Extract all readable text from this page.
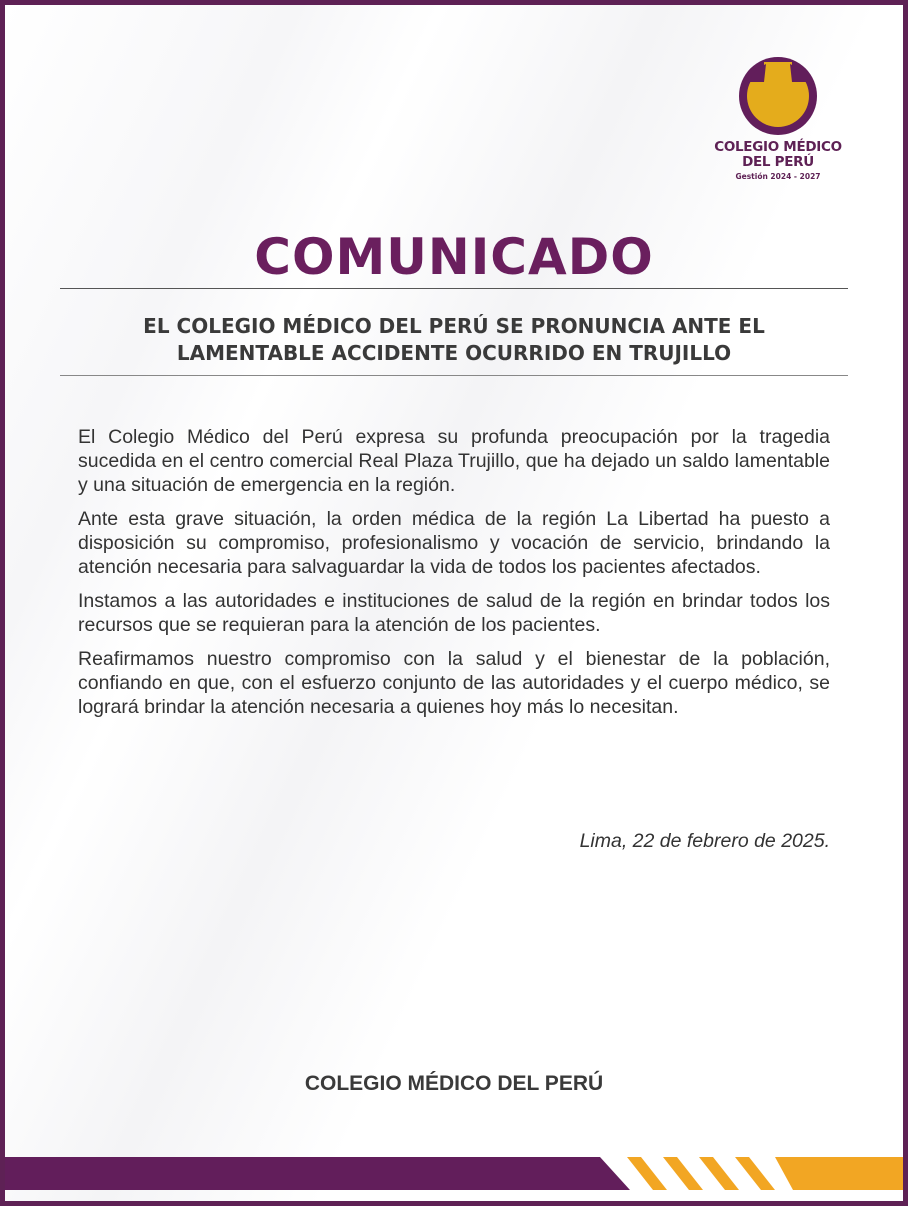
COLEGIO MÉDICO
DEL PERÚ
Gestión 2024 - 2027
COMUNICADO
EL COLEGIO MÉDICO DEL PERÚ SE PRONUNCIA ANTE EL
LAMENTABLE ACCIDENTE OCURRIDO EN TRUJILLO

El Colegio Médico del Perú expresa su profunda preocupación por la tragedia sucedida en el centro comercial Real Plaza Trujillo, que ha dejado un saldo lamentable y una situación de emergencia en la región.

Ante esta grave situación, la orden médica de la región La Libertad ha puesto a disposición su compromiso, profesionalismo y vocación de servicio, brindando la atención necesaria para salvaguardar la vida de todos los pacientes afectados.

Instamos a las autoridades e instituciones de salud de la región en brindar todos los recursos que se requieran para la atención de los pacientes.

Reafirmamos nuestro compromiso con la salud y el bienestar de la población, confiando en que, con el esfuerzo conjunto de las autoridades y el cuerpo médico, se logrará brindar la atención necesaria a quienes hoy más lo necesitan.

Lima, 22 de febrero de 2025.
COLEGIO MÉDICO DEL PERÚ
